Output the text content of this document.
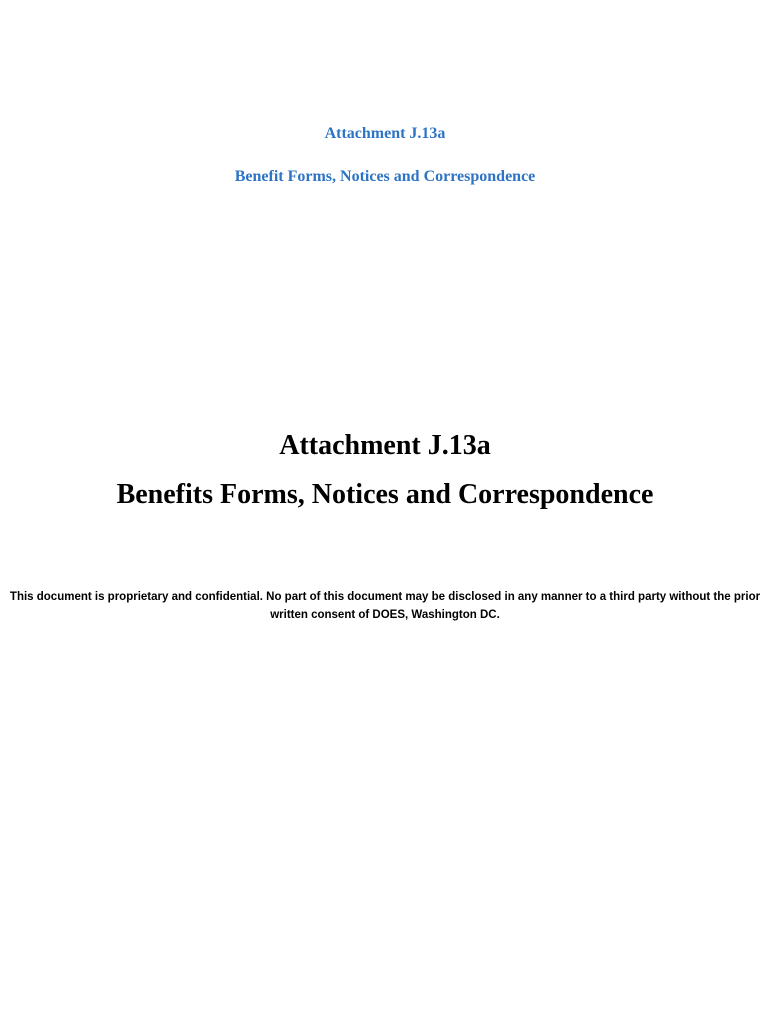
Attachment J.13a
Benefit Forms, Notices and Correspondence
Attachment J.13a
Benefits Forms, Notices and Correspondence
This document is proprietary and confidential. No part of this document may be disclosed in any manner to a third party without the prior written consent of DOES, Washington DC.
